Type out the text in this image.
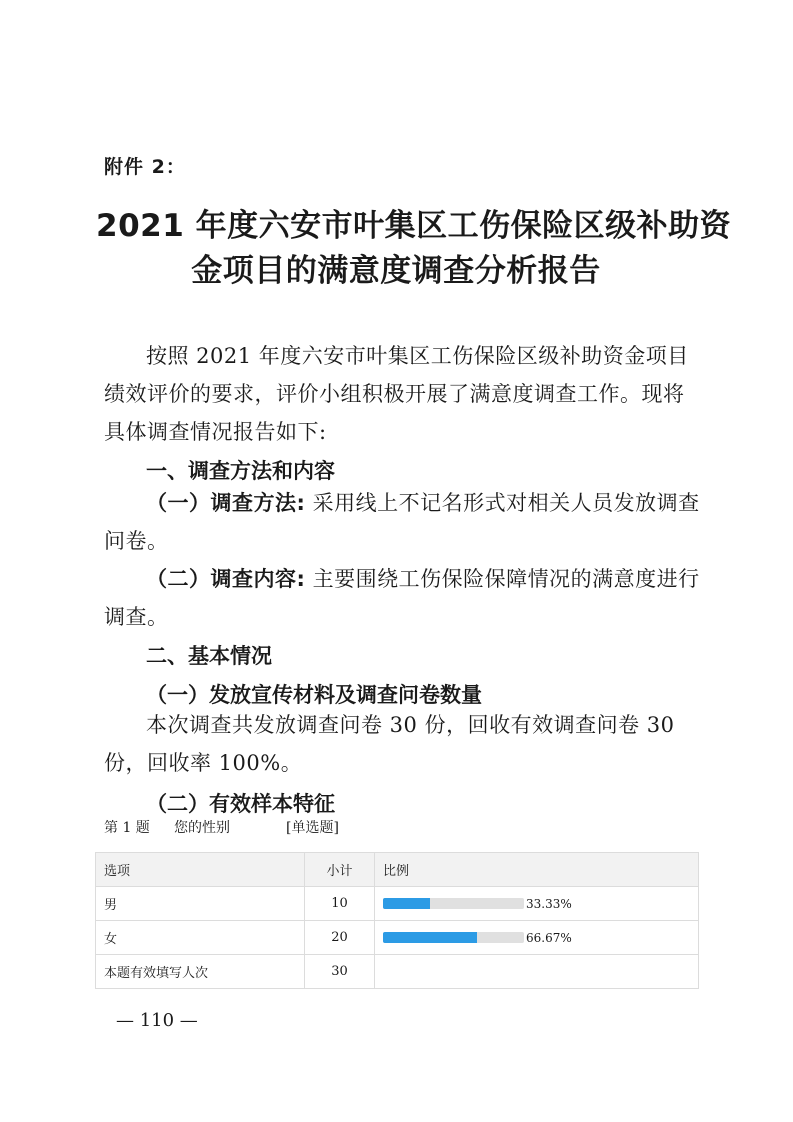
附件 2：
2021 年度六安市叶集区工伤保险区级补助资
金项目的满意度调查分析报告
按照 2021 年度六安市叶集区工伤保险区级补助资金项目绩效评价的要求，评价小组积极开展了满意度调查工作。现将具体调查情况报告如下:
一、调查方法和内容
（一）调查方法: 采用线上不记名形式对相关人员发放调查问卷。
（二）调查内容: 主要围绕工伤保险保障情况的满意度进行调查。
二、基本情况
（一）发放宣传材料及调查问卷数量
本次调查共发放调查问卷 30 份，回收有效调查问卷 30 份，回收率 100%。
（二）有效样本特征
第 1 题 您的性别	[单选题]
选项	小计	比例
男	10	33.33%
女	20	66.67%
本题有效填写人次	30	
— 110 —
